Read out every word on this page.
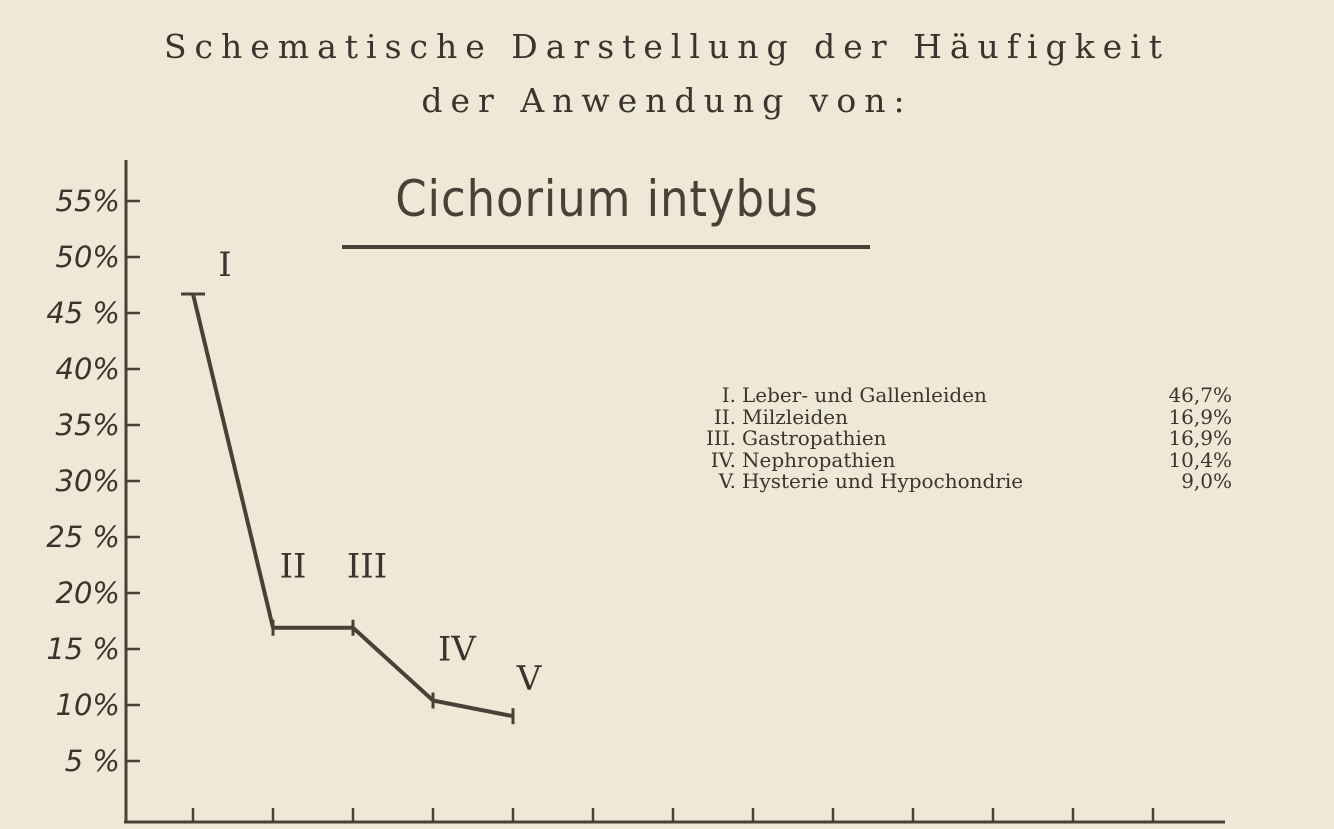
Schematische Darstellung der Häufigkeit
der Anwendung von:
Cichorium intybus
I. Leber- und Gallenleiden	46,7%
II. Milzleiden	16,9%
III. Gastropathien	16,9%
IV. Nephropathien	10,4%
V. Hysterie und Hypochondrie	9,0%
5 %
10%
15 %
20%
25 %
30%
35%
40%
45 %
50%
55%
I
II III
IV
V
